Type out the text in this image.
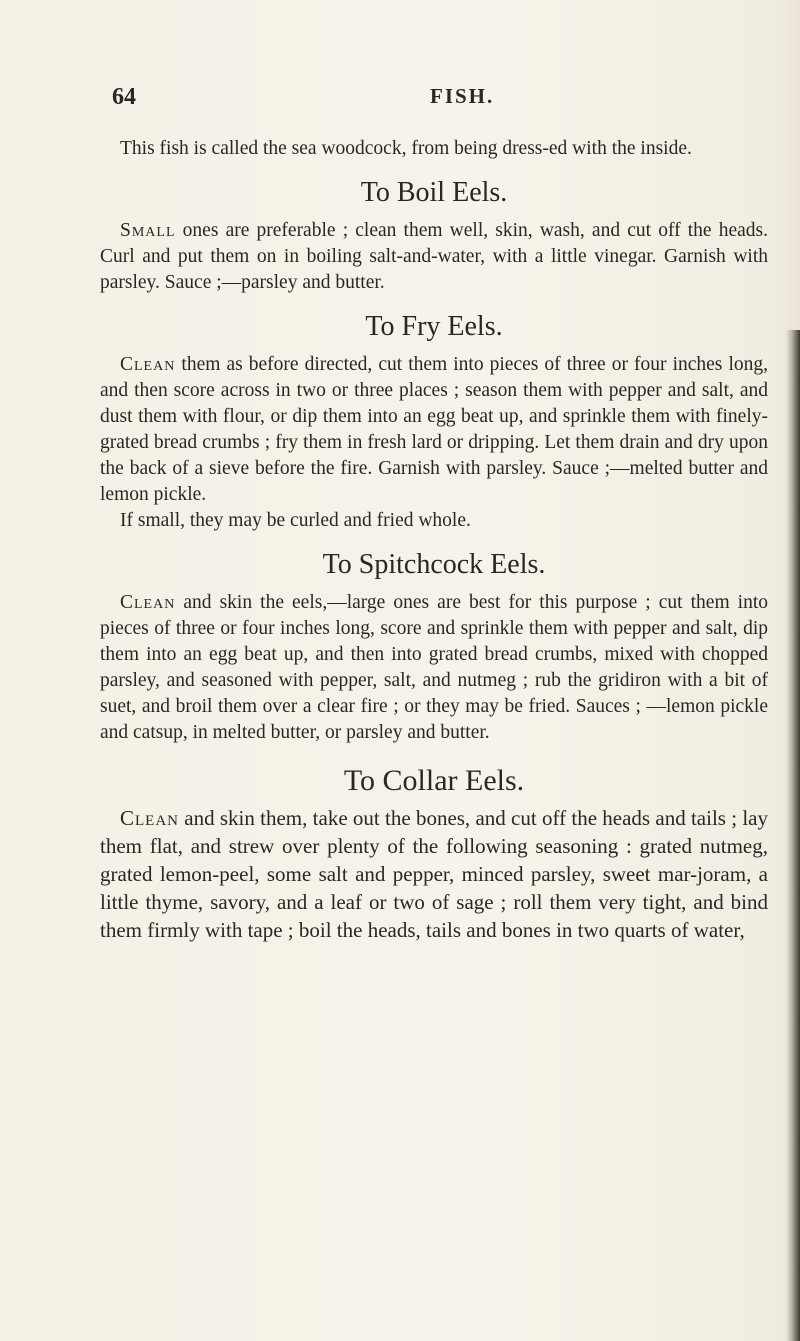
64	FISH.

This fish is called the sea woodcock, from being dress-ed with the inside.

To Boil Eels.

Small ones are preferable ; clean them well, skin, wash, and cut off the heads. Curl and put them on in boiling salt-and-water, with a little vinegar. Garnish with parsley. Sauce ;—parsley and butter.

To Fry Eels.

Clean them as before directed, cut them into pieces of three or four inches long, and then score across in two or three places ; season them with pepper and salt, and dust them with flour, or dip them into an egg beat up, and sprinkle them with finely-grated bread crumbs ; fry them in fresh lard or dripping. Let them drain and dry upon the back of a sieve before the fire. Garnish with parsley. Sauce ;—melted butter and lemon pickle.

If small, they may be curled and fried whole.

To Spitchcock Eels.

Clean and skin the eels,—large ones are best for this purpose ; cut them into pieces of three or four inches long, score and sprinkle them with pepper and salt, dip them into an egg beat up, and then into grated bread crumbs, mixed with chopped parsley, and seasoned with pepper, salt, and nutmeg ; rub the gridiron with a bit of suet, and broil them over a clear fire ; or they may be fried. Sauces ; —lemon pickle and catsup, in melted butter, or parsley and butter.

To Collar Eels.

Clean and skin them, take out the bones, and cut off the heads and tails ; lay them flat, and strew over plenty of the following seasoning : grated nutmeg, grated lemon-peel, some salt and pepper, minced parsley, sweet mar-joram, a little thyme, savory, and a leaf or two of sage ; roll them very tight, and bind them firmly with tape ; boil the heads, tails and bones in two quarts of water,
